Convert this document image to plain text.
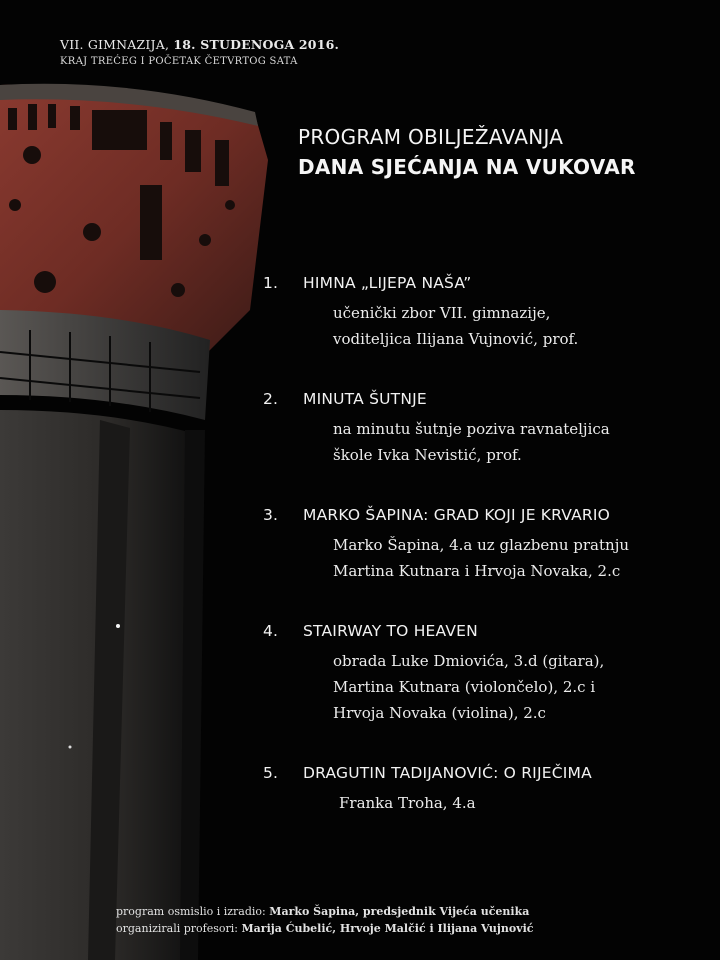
VII. GIMNAZIJA, 18. STUDENOGA 2016.
KRAJ TREĆEG I POČETAK ČETVRTOG SATA
PROGRAM OBILJEŽAVANJA
DANA SJEĆANJA NA VUKOVAR
1.	HIMNA „LIJEPA NAŠA”
učenički zbor VII. gimnazije,
voditeljica Ilijana Vujnović, prof.
2.	MINUTA ŠUTNJE
na minutu šutnje poziva ravnateljica
škole Ivka Nevistić, prof.
3.	MARKO ŠAPINA: GRAD KOJI JE KRVARIO
Marko Šapina, 4.a uz glazbenu pratnju
Martina Kutnara i Hrvoja Novaka, 2.c
4.	STAIRWAY TO HEAVEN
obrada Luke Dmiovića, 3.d (gitara),
Martina Kutnara (violončelo), 2.c i
Hrvoja Novaka (violina), 2.c
5.	DRAGUTIN TADIJANOVIĆ: O RIJEČIMA
Franka Troha, 4.a
program osmislio i izradio: Marko Šapina, predsjednik Vijeća učenika
organizirali profesori: Marija Ćubelić, Hrvoje Malčić i Ilijana Vujnović
